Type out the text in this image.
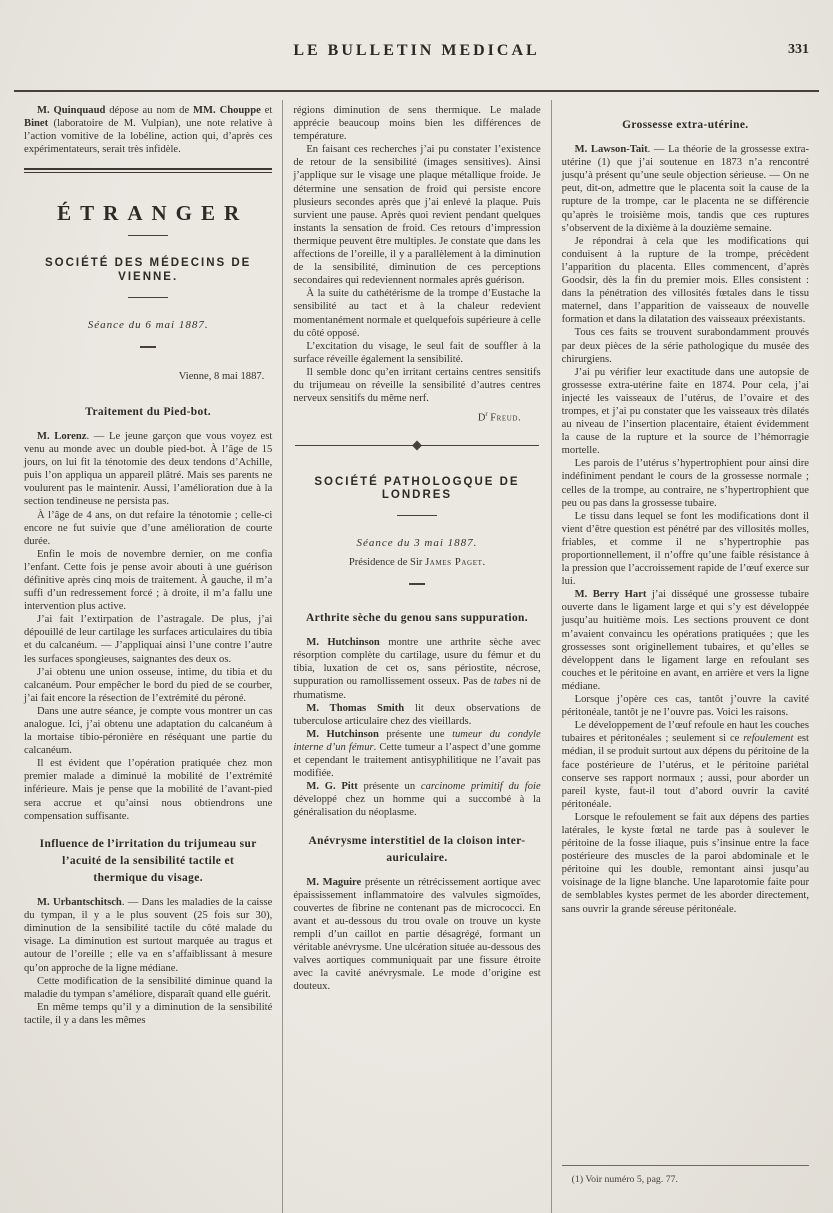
LE BULLETIN MEDICAL	331

M. Quinquaud dépose au nom de MM. Chouppe et Binet (laboratoire de M. Vulpian), une note relative à l’action vomitive de la lobéline, action qui, d’après ces expérimentateurs, serait très infidèle.

ÉTRANGER
SOCIÉTÉ DES MÉDECINS DE VIENNE.
Séance du 6 mai 1887.
Vienne, 8 mai 1887.
Traitement du Pied-bot.

M. Lorenz. — Le jeune garçon que vous voyez est venu au monde avec un double pied-bot. À l’âge de 15 jours, on lui fit la ténotomie des deux tendons d’Achille, puis l’on appliqua un appareil plâtré. Mais ses parents ne voulurent pas le maintenir. Aussi, l’amélioration due à la section tendineuse ne persista pas.

À l’âge de 4 ans, on dut refaire la ténotomie ; celle-ci encore ne fut suivie que d’une amélioration de courte durée.

Enfin le mois de novembre dernier, on me confia l’enfant. Cette fois je pense avoir abouti à une guérison définitive après cinq mois de traitement. À gauche, il m’a suffi d’un redressement forcé ; à droite, il m’a fallu une intervention plus active.

J’ai fait l’extirpation de l’astragale. De plus, j’ai dépouillé de leur cartilage les surfaces articulaires du tibia et du calcanéum. — J’appliquai ainsi l’une contre l’autre les surfaces spongieuses, saignantes des deux os.

J’ai obtenu une union osseuse, intime, du tibia et du calcanéum. Pour empêcher le bord du pied de se courber, j’ai fait encore la résection de l’extrémité du péroné.

Dans une autre séance, je compte vous montrer un cas analogue. Ici, j’ai obtenu une adaptation du calcanéum à la mortaise tibio-péronière en réséquant une partie du calcanéum.

Il est évident que l’opération pratiquée chez mon premier malade a diminué la mobilité de l’extrémité inférieure. Mais je pense que la mobilité de l’avant-pied sera accrue et qu’ainsi nous obtiendrons une compensation suffisante.

Influence de l’irritation du trijumeau sur l’acuité de la sensibilité tactile et thermique du visage.

M. Urbantschitsch. — Dans les maladies de la caisse du tympan, il y a le plus souvent (25 fois sur 30), diminution de la sensibilité tactile du côté malade du visage. La diminution est surtout marquée au tragus et autour de l’oreille ; elle va en s’affaiblissant à mesure qu’on approche de la ligne médiane.

Cette modification de la sensibilité diminue quand la maladie du tympan s’améliore, disparaît quand elle guérit.

En même temps qu’il y a diminution de la sensibilité tactile, il y a dans les mêmes

régions diminution de sens thermique. Le malade apprécie beaucoup moins bien les différences de température.

En faisant ces recherches j’ai pu constater l’existence de retour de la sensibilité (images sensitives). Ainsi j’applique sur le visage une plaque métallique froide. Je détermine une sensation de froid qui persiste encore plusieurs secondes après que j’ai enlevé la plaque. Puis survient une pause. Après quoi revient pendant quelques instants la sensation de froid. Ces retours d’impression thermique peuvent être multiples. Je constate que dans les affections de l’oreille, il y a parallèlement à la diminution de la sensibilité, diminution de ces perceptions secondaires qui redeviennent normales après guérison.

À la suite du cathétérisme de la trompe d’Eustache la sensibilité au tact et à la chaleur redevient momentanément normale et quelquefois supérieure à celle du côté opposé.

L’excitation du visage, le seul fait de souffler à la surface réveille également la sensibilité.

Il semble donc qu’en irritant certains centres sensitifs du trijumeau on réveille la sensibilité d’autres centres nerveux sensitifs du même nerf.

$D^r$ Freud.
SOCIÉTÉ PATHOLOGQUE DE LONDRES
Séance du 3 mai 1887.
Présidence de Sir James Paget.
Arthrite sèche du genou sans suppuration.

M. Hutchinson montre une arthrite sèche avec résorption complète du cartilage, usure du fémur et du tibia, luxation de cet os, sans périostite, nécrose, suppuration ou ramollissement osseux. Pas de tabes ni de rhumatisme.

M. Thomas Smith lit deux observations de tuberculose articulaire chez des vieillards.

M. Hutchinson présente une tumeur du condyle interne d’un fémur. Cette tumeur a l’aspect d’une gomme et cependant le traitement antisyphilitique ne l’avait pas modifiée.

M. G. Pitt présente un carcinome primitif du foie développé chez un homme qui a succombé à la généralisation du néoplasme.

Anévrysme interstitiel de la cloison inter-auriculaire.

M. Maguire présente un rétrécissement aortique avec épaississement inflammatoire des valvules sigmoïdes, couvertes de fibrine ne contenant pas de micrococci. En avant et au-dessous du trou ovale on trouve un kyste rempli d’un caillot en partie désagrégé, formant un véritable anévrysme. Une ulcération située au-dessous des valves aortiques communiquait par une fissure étroite avec la cavité anévrysmale. Le mode d’origine est douteux.

Grossesse extra-utérine.

M. Lawson-Tait. — La théorie de la grossesse extra-utérine (1) que j’ai soutenue en 1873 n’a rencontré jusqu’à présent qu’une seule objection sérieuse. — On ne peut, dit-on, admettre que le placenta soit la cause de la rupture de la trompe, car le placenta ne se différencie qu’après le troisième mois, tandis que ces ruptures s’observent de la dixième à la douzième semaine.

Je répondrai à cela que les modifications qui conduisent à la rupture de la trompe, précèdent l’apparition du placenta. Elles commencent, d’après Goodsir, dès la fin du premier mois. Elles consistent : dans la pénétration des villosités fœtales dans le tissu maternel, dans l’apparition de vaisseaux de nouvelle formation et dans la dilatation des vaisseaux préexistants.

Tous ces faits se trouvent surabondamment prouvés par deux pièces de la série pathologique du musée des chirurgiens.

J’ai pu vérifier leur exactitude dans une autopsie de grossesse extra-utérine faite en 1874. Pour cela, j’ai injecté les vaisseaux de l’utérus, de l’ovaire et des trompes, et j’ai pu constater que les vaisseaux très dilatés au niveau de l’insertion placentaire, étaient évidemment la cause de la rupture et la source de l’hémorragie mortelle.

Les parois de l’utérus s’hypertrophient pour ainsi dire indéfiniment pendant le cours de la grossesse normale ; celles de la trompe, au contraire, ne s’hypertrophient que peu ou pas dans la grossesse tubaire.

Le tissu dans lequel se font les modifications dont il vient d’être question est pénétré par des villosités molles, friables, et comme il ne s’hypertrophie pas proportionnellement, il n’offre qu’une faible résistance à la pression que l’accroissement rapide de l’œuf exerce sur lui.

M. Berry Hart j’ai disséqué une grossesse tubaire ouverte dans le ligament large et qui s’y est développée jusqu’au huitième mois. Les sections prouvent ce dont m’avaient convaincu les opérations pratiquées ; que les grossesses sont originellement tubaires, et qu’elles se développent dans le ligament large en refoulant ses couches et le péritoine en avant, en arrière et vers la ligne médiane.

Lorsque j’opère ces cas, tantôt j’ouvre la cavité péritonéale, tantôt je ne l’ouvre pas. Voici les raisons.

Le développement de l’œuf refoule en haut les couches tubaires et péritonéales ; seulement si ce refoulement est médian, il se produit surtout aux dépens du péritoine de la face postérieure de l’utérus, et le péritoine pariétal conserve ses rapport normaux ; aussi, pour aborder un pareil kyste, faut-il tout d’abord ouvrir la cavité péritonéale.

Lorsque le refoulement se fait aux dépens des parties latérales, le kyste fœtal ne tarde pas à soulever le péritoine de la fosse iliaque, puis s’insinue entre la face postérieure des muscles de la paroi abdominale et le péritoine qui les double, remontant ainsi jusqu’au voisinage de la ligne blanche. Une laparotomie faite pour de semblables kystes permet de les aborder directement, sans ouvrir la grande séreuse péritonéale.

(1) Voir numéro 5, pag. 77.
